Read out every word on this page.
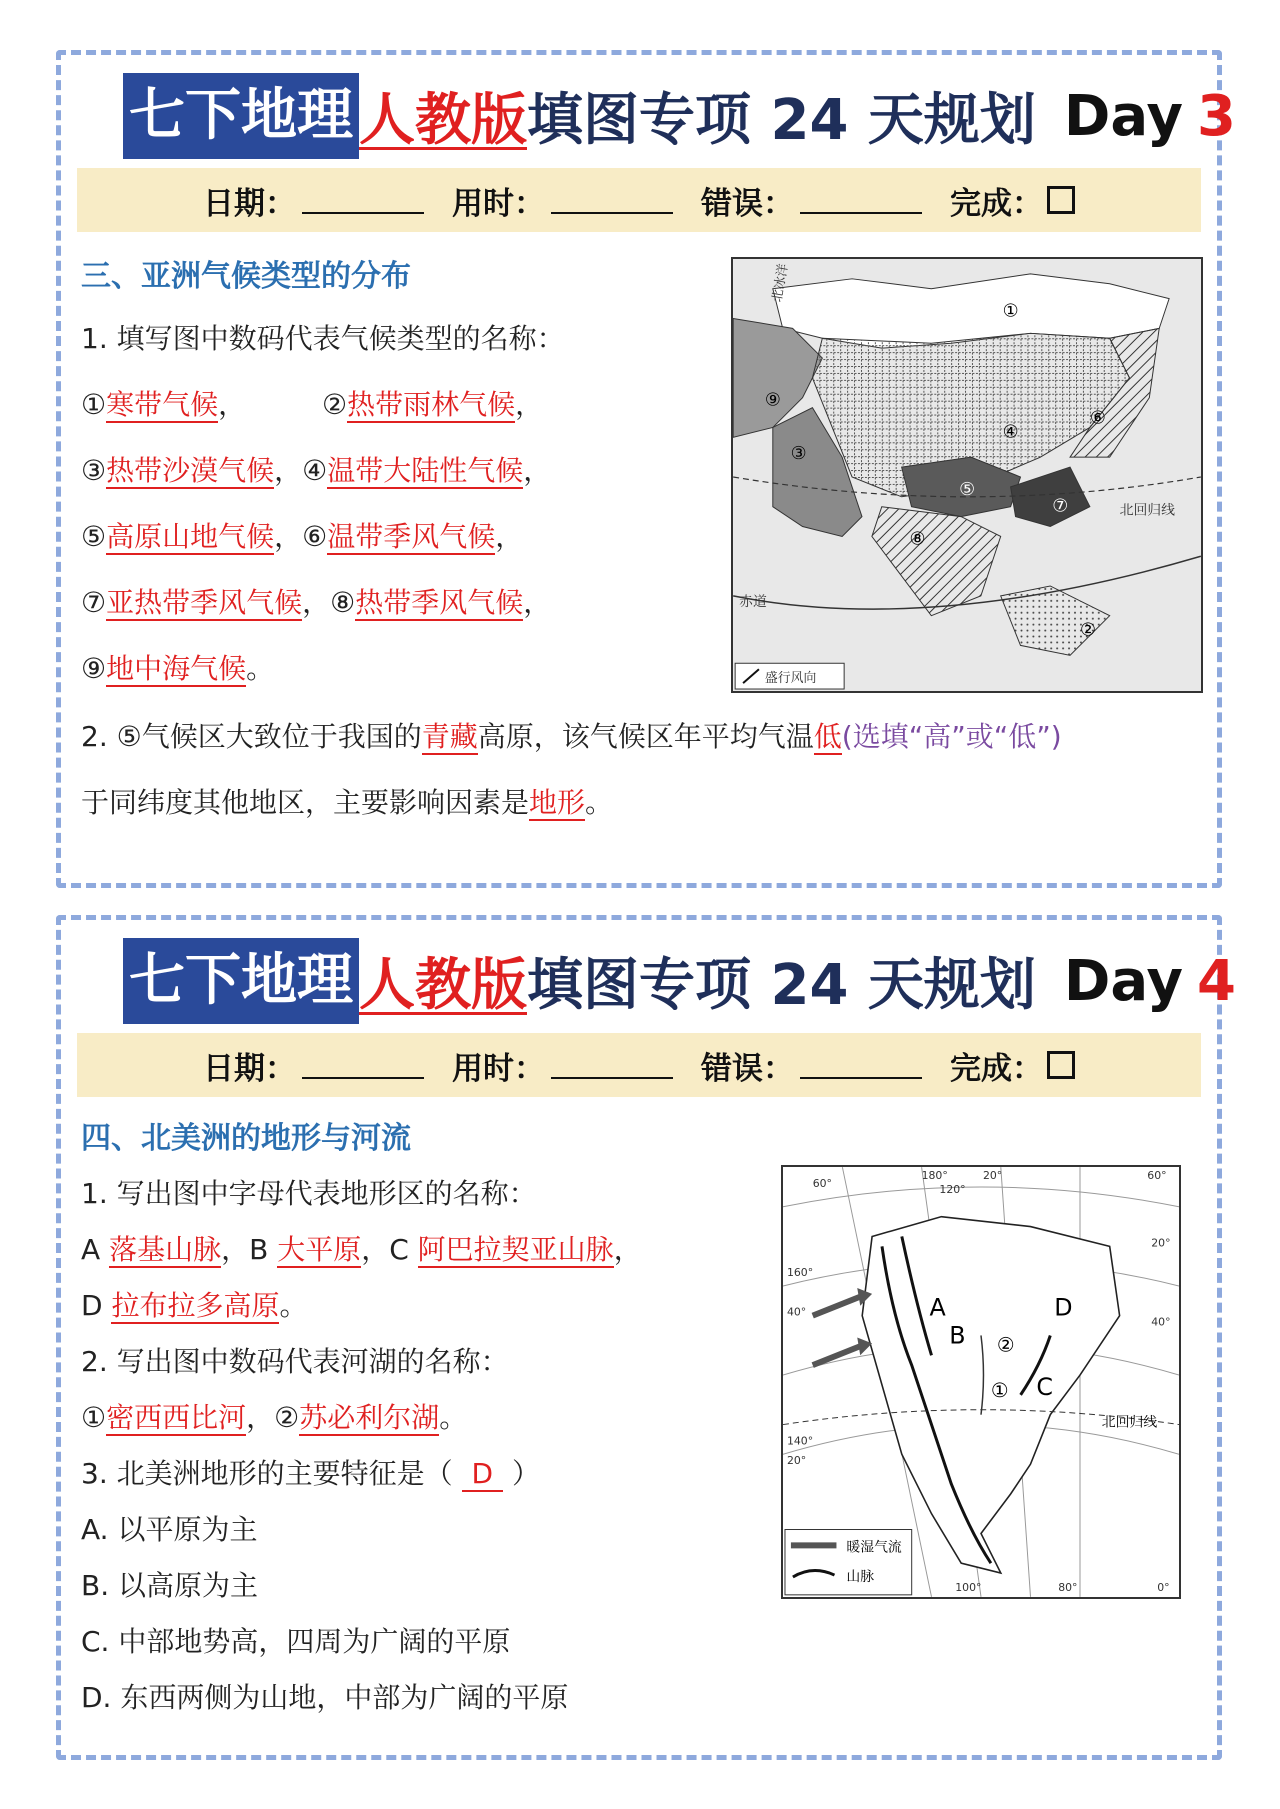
七下地理 人教版 填图专项 24 天规划 Day 3
日期：	用时：	错误：	完成：
三、亚洲气候类型的分布
1. 填写图中数码代表气候类型的名称：
①寒带气候，	②热带雨林气候，
③热带沙漠气候，④温带大陆性气候，
⑤高原山地气候，⑥温带季风气候，
⑦亚热带季风气候，⑧热带季风气候，
⑨地中海气候。
2. ⑤气候区大致位于我国的青藏高原，该气候区年平均气温低(选填“高”或“低”)
于同纬度其他地区，主要影响因素是地形。
北冰洋
北回归线
赤道
盛行风向
①
②
③
④
⑤
⑥
⑦
⑧
⑨
七下地理 人教版 填图专项 24 天规划 Day 4
日期：	用时：	错误：	完成：
四、北美洲的地形与河流
1. 写出图中字母代表地形区的名称：
A 落基山脉，B 大平原，C 阿巴拉契亚山脉，
D 拉布拉多高原。
2. 写出图中数码代表河湖的名称：
①密西西比河，②苏必利尔湖。
3. 北美洲地形的主要特征是（ D ）
A. 以平原为主
B. 以高原为主
C. 中部地势高，四周为广阔的平原
D. 东西两侧为山地，中部为广阔的平原
A
B
C
D
②
①
北回归线
60°
180°
120°
20°	60°
160°
40°
40°
140°
20°
20°
100°	80°	0°
暖湿气流
山脉
